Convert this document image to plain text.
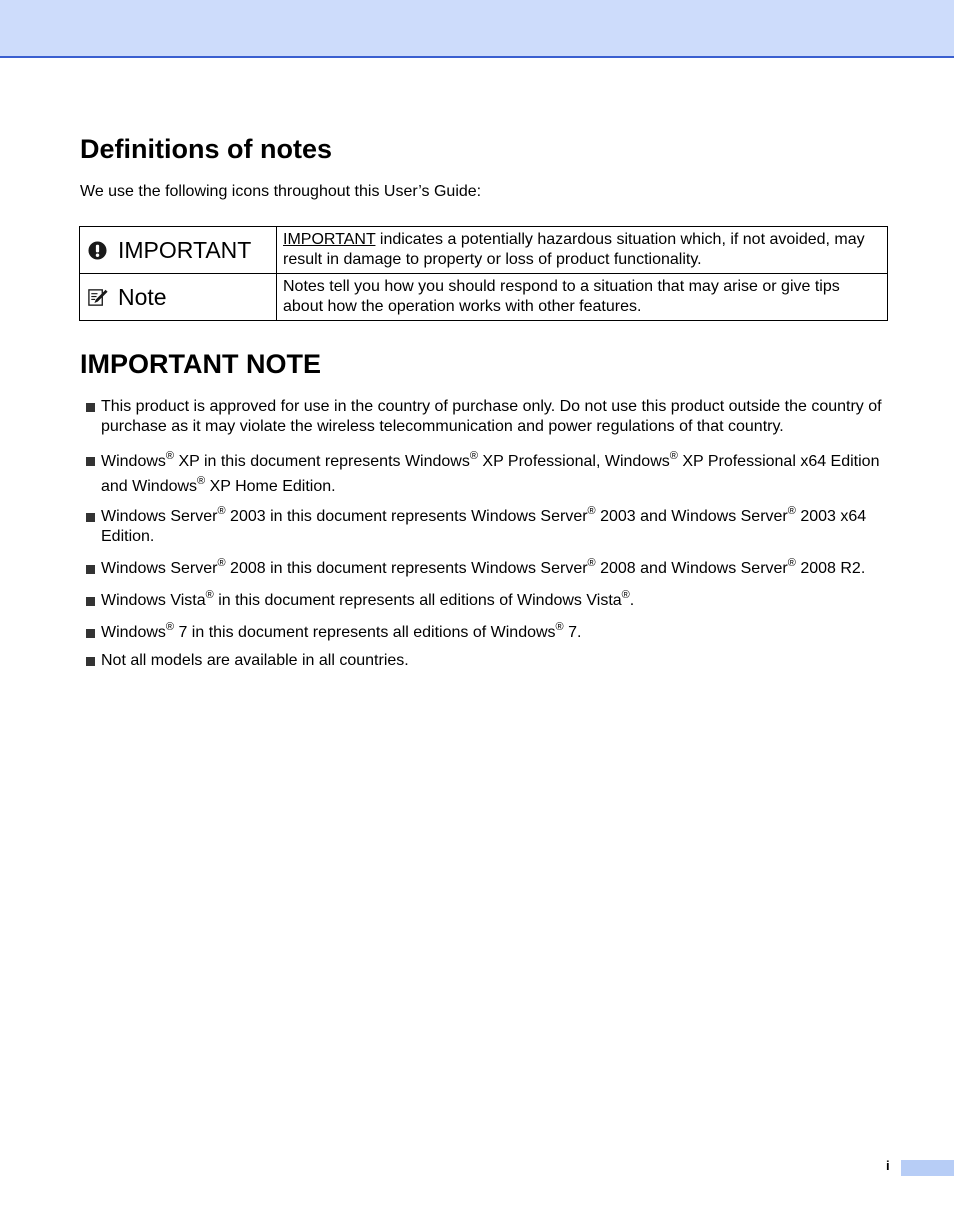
Definitions of notes

We use the following icons throughout this User’s Guide:

IMPORTANT	IMPORTANT indicates a potentially hazardous situation which, if not avoided, may result in damage to property or loss of product functionality.

Note	Notes tell you how you should respond to a situation that may arise or give tips about how the operation works with other features.
IMPORTANT NOTE
This product is approved for use in the country of purchase only. Do not use this product outside the country of purchase as it may violate the wireless telecommunication and power regulations of that country.
Windows® XP in this document represents Windows® XP Professional, Windows® XP Professional x64 Edition and Windows® XP Home Edition.
Windows Server® 2003 in this document represents Windows Server® 2003 and Windows Server® 2003 x64 Edition.
Windows Server® 2008 in this document represents Windows Server® 2008 and Windows Server® 2008 R2.
Windows Vista® in this document represents all editions of Windows Vista®.
Windows® 7 in this document represents all editions of Windows® 7.
Not all models are available in all countries.
i
